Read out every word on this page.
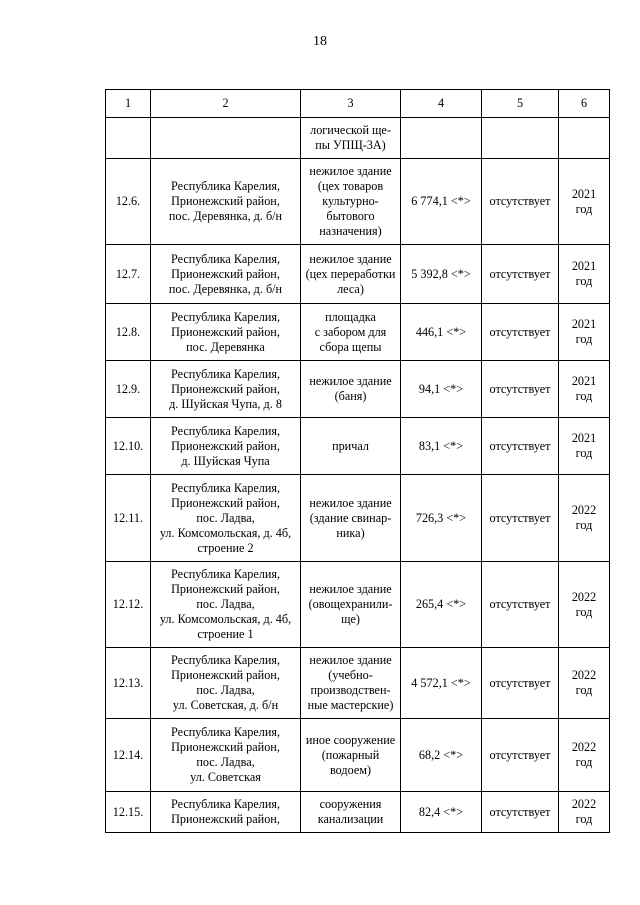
18
1	2	3	4	5	6
		логической ще-
пы УПЩ-3А)			
12.6.	Республика Карелия,
Прионежский район,
пос. Деревянка, д. б/н	нежилое здание
(цех товаров
культурно-
бытового
назначения)	6 774,1 <*>	отсутствует	2021
год
12.7.	Республика Карелия,
Прионежский район,
пос. Деревянка, д. б/н	нежилое здание
(цех переработки
леса)	5 392,8 <*>	отсутствует	2021
год
12.8.	Республика Карелия,
Прионежский район,
пос. Деревянка	площадка
с забором для
сбора щепы	446,1 <*>	отсутствует	2021
год
12.9.	Республика Карелия,
Прионежский район,
д. Шуйская Чупа, д. 8	нежилое здание
(баня)	94,1 <*>	отсутствует	2021
год
12.10.	Республика Карелия,
Прионежский район,
д. Шуйская Чупа	причал	83,1 <*>	отсутствует	2021
год
12.11.	Республика Карелия,
Прионежский район,
пос. Ладва,
ул. Комсомольская, д. 4б,
строение 2	нежилое здание
(здание свинар-
ника)	726,3 <*>	отсутствует	2022
год
12.12.	Республика Карелия,
Прионежский район,
пос. Ладва,
ул. Комсомольская, д. 4б,
строение 1	нежилое здание
(овощехранили-
ще)	265,4 <*>	отсутствует	2022
год
12.13.	Республика Карелия,
Прионежский район,
пос. Ладва,
ул. Советская, д. б/н	нежилое здание
(учебно-
производствен-
ные мастерские)	4 572,1 <*>	отсутствует	2022
год
12.14.	Республика Карелия,
Прионежский район,
пос. Ладва,
ул. Советская	иное сооружение
(пожарный
водоем)	68,2 <*>	отсутствует	2022
год
12.15.	Республика Карелия,
Прионежский район,	сооружения
канализации	82,4 <*>	отсутствует	2022
год
